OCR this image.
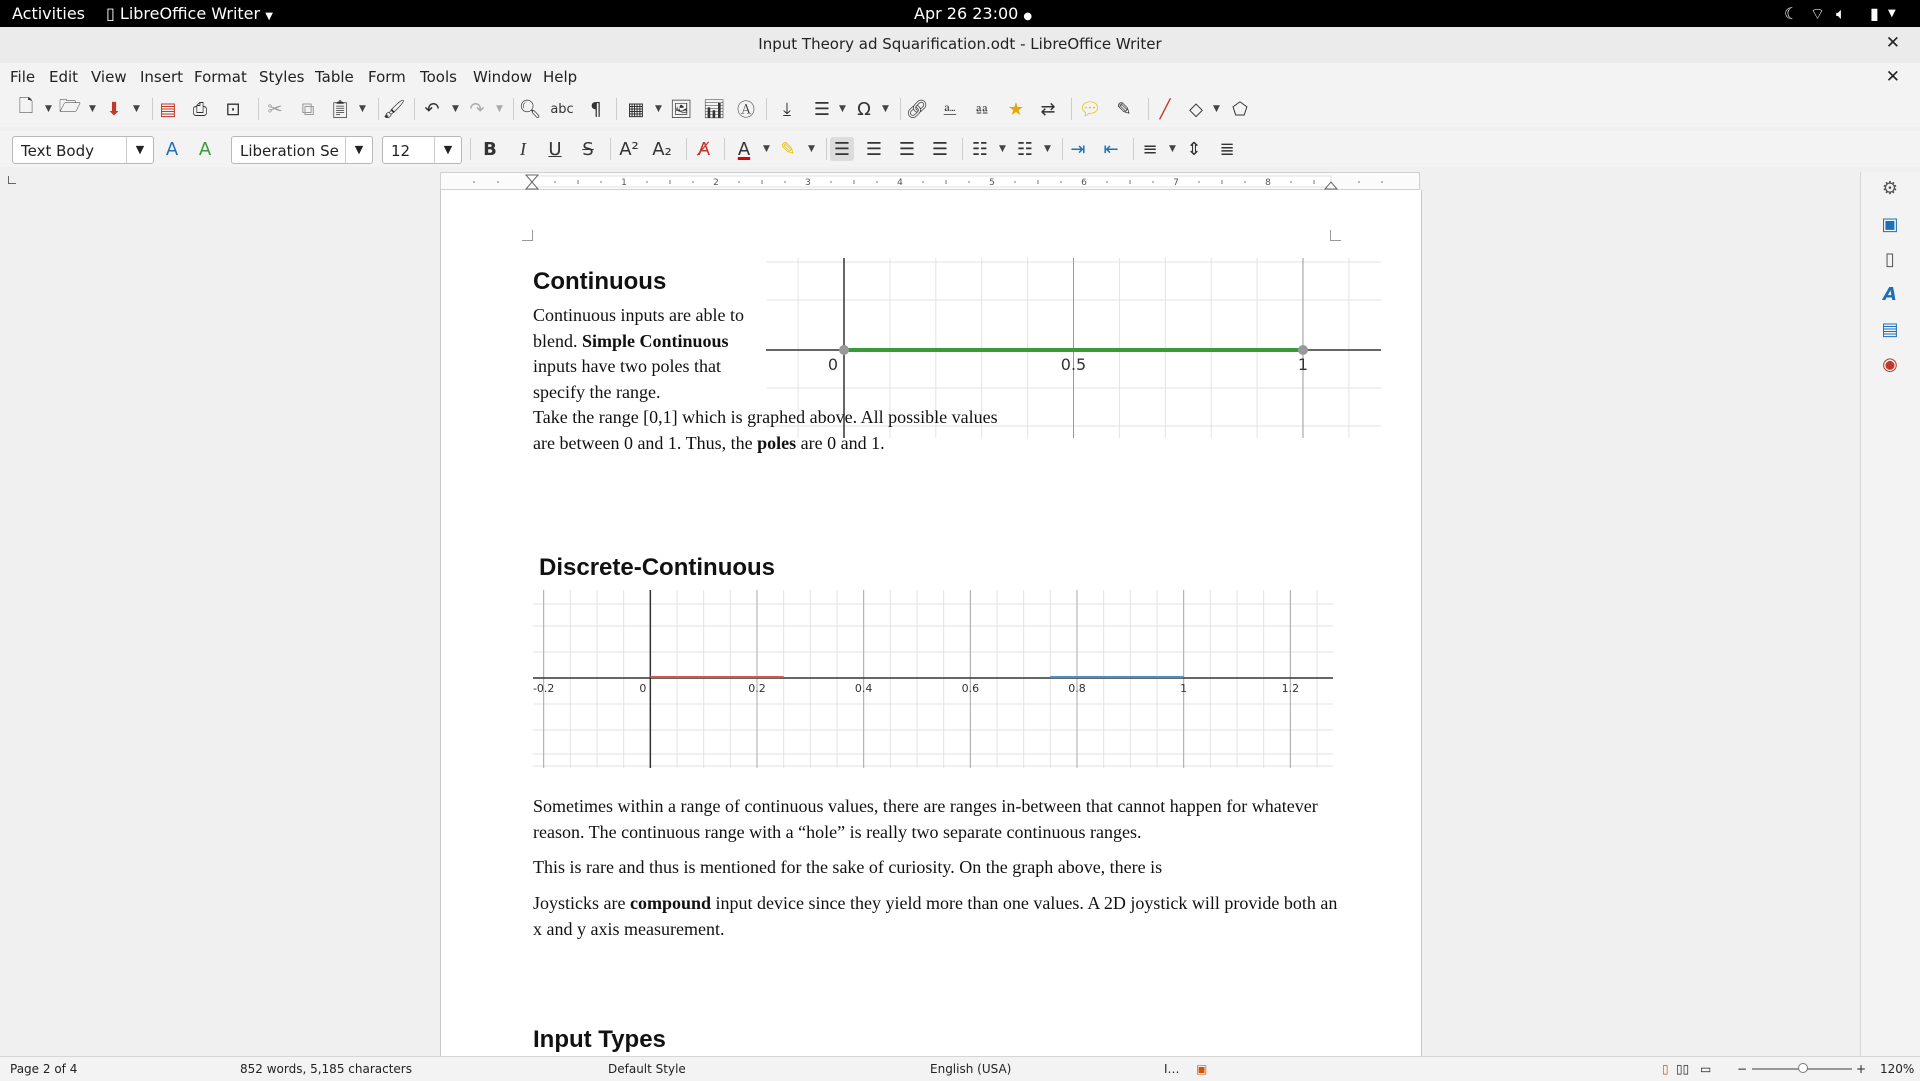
Activities ▯ LibreOffice Writer ▼	Apr 26 23:00 ●	☾ ⌔ 🔈︎ ▮ ▼
Input Theory ad Squarification.odt - LibreOffice Writer	✕
File Edit View Insert Format Styles Table Form Tools Window Help	✕
🗋︎	▼ 🗁︎ ▼ ⬇	▼ ▤ ⎙ ⊡ ✂	⧉ 📋︎ ▼ 🖌︎ ↶	▼ ↷	▼ 🔍︎ abc ¶	▦	▼ 🖼︎ 📊︎ Ⓐ	⤓	☰ ▼ Ω	▼ 🔗︎ ⎁ ⎂ ★ ⇄ 💬︎ ✎	╱	◇	▼ ⬠
Text Body	▼	A	A	Liberation Se	▼	12	▼	B	I	U	S	A² A₂	A̸	A	▼ ✎	▼ ☰ ☰ ☰ ☰ ☷	▼ ☷	▼ ⇥ ⇤ ≡	▼ ⇕ ≣
1	2	3	4	5	6	7	8
Continuous
0	0.5	1
Continuous inputs are able to blend. Simple Continuous inputs have two poles that specify the range.
Take the range [0,1] which is graphed above. All possible values are between 0 and 1. Thus, the poles are 0 and 1.
Discrete-Continuous
-0.2	0	0.2	0.4	0.6	0.8	1	1.2
Sometimes within a range of continuous values, there are ranges in-between that cannot happen for whatever reason. The continuous range with a “hole” is really two separate continuous ranges.
This is rare and thus is mentioned for the sake of curiosity. On the graph above, there is
Joysticks are compound input device since they yield more than one values. A 2D joystick will provide both an x and y axis measurement.
Input Types
⚙
▣
▯
A
▤
◉
Page 2 of 4	852 words, 5,185 characters	Default Style	English (USA)	I… ▣	▯ ▯▯ ▭ −	+ 120%
